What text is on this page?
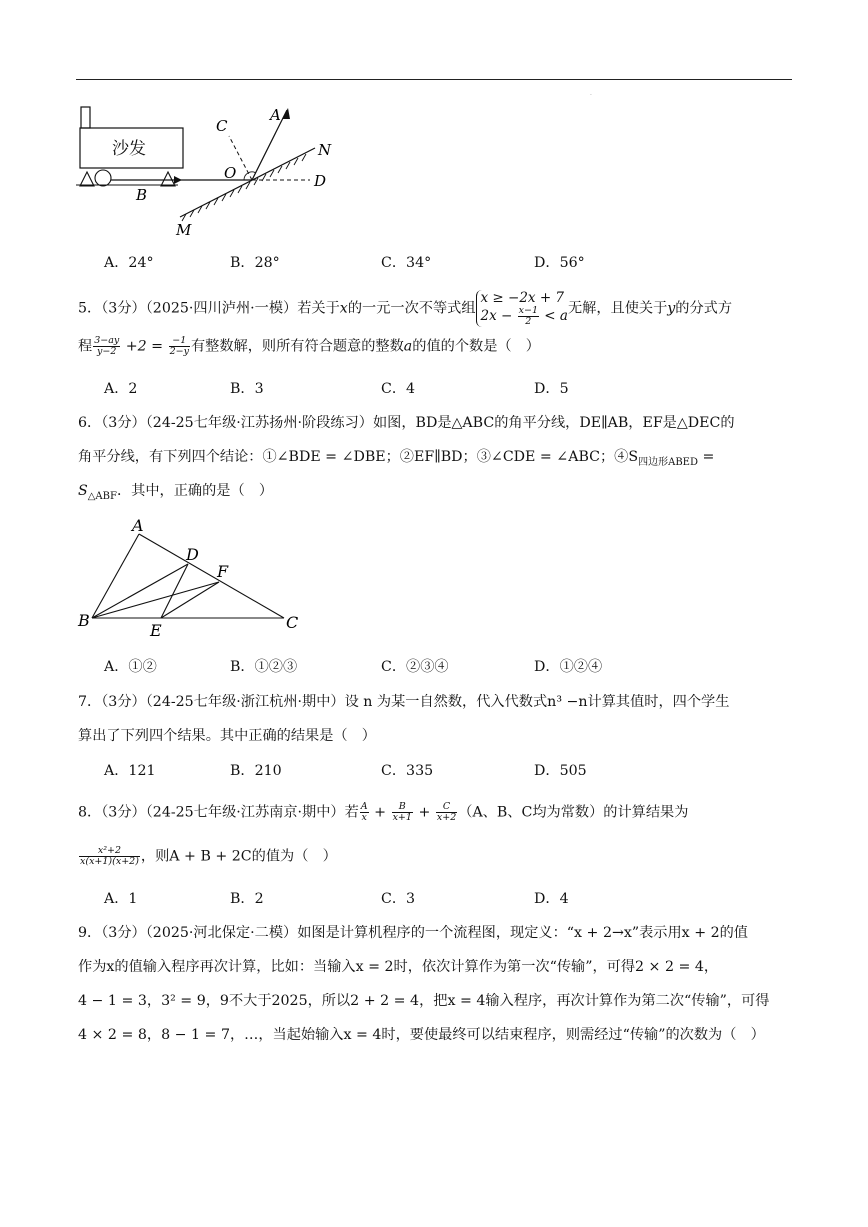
·
沙发
C
A
N
O	D
B
M
A．24°	B．28°	C．34°	D．56°
5．（3分）（2025·四川泸州·一模）若关于x的一元一次不等式组
x ≥ −2x + 7
$2x - \frac{x-1}{2} < a$ 无解，且使关于y的分式方
程 $\frac{3-ay}{y-2} +2 = \frac{-1}{2-y}$ 有整数解，则所有符合题意的整数a的值的个数是（　）
A．2	B．3	C．4	D．5
6．（3分）（24-25七年级·江苏扬州·阶段练习）如图，BD是△ABC的角平分线，DE∥AB，EF是△DEC的
角平分线，有下列四个结论：①∠BDE = ∠DBE；②EF∥BD；③∠CDE = ∠ABC；$④S_{四边形ABED}$ =
$S_{\triangle ABF}$．其中，正确的是（　）
A
D
F
B
E	C
A．①②	B．①②③	C．②③④	D．①②④
7．（3分）（24-25七年级·浙江杭州·期中）设 n 为某一自然数，代入代数式n³ −n计算其值时，四个学生
算出了下列四个结果。其中正确的结果是（　）
A．121	B．210	C．335	D．505
8．（3分）（24-25七年级·江苏南京·期中）若 $\frac{A}{x} + \frac{B}{x+1} + \frac{C}{x+2} (A$、B、C均为常数）的计算结果为
$\frac{\text{x²+2}}{x(x+1)(x+2)}$ ，则A + B + 2C的值为（　）
A．1	B．2	C．3	D．4
9．（3分）（2025·河北保定·二模）如图是计算机程序的一个流程图，现定义：“x + 2→x”表示用x + 2的值
作为x的值输入程序再次计算，比如：当输入x = 2时，依次计算作为第一次“传输”，可得2 × 2 = 4，
4 − 1 = 3，3² = 9，9不大于2025，所以2 + 2 = 4，把x = 4输入程序，再次计算作为第二次“传输”，可得
4 × 2 = 8，8 − 1 = 7，…，当起始输入x = 4时，要使最终可以结束程序，则需经过“传输”的次数为（　）
